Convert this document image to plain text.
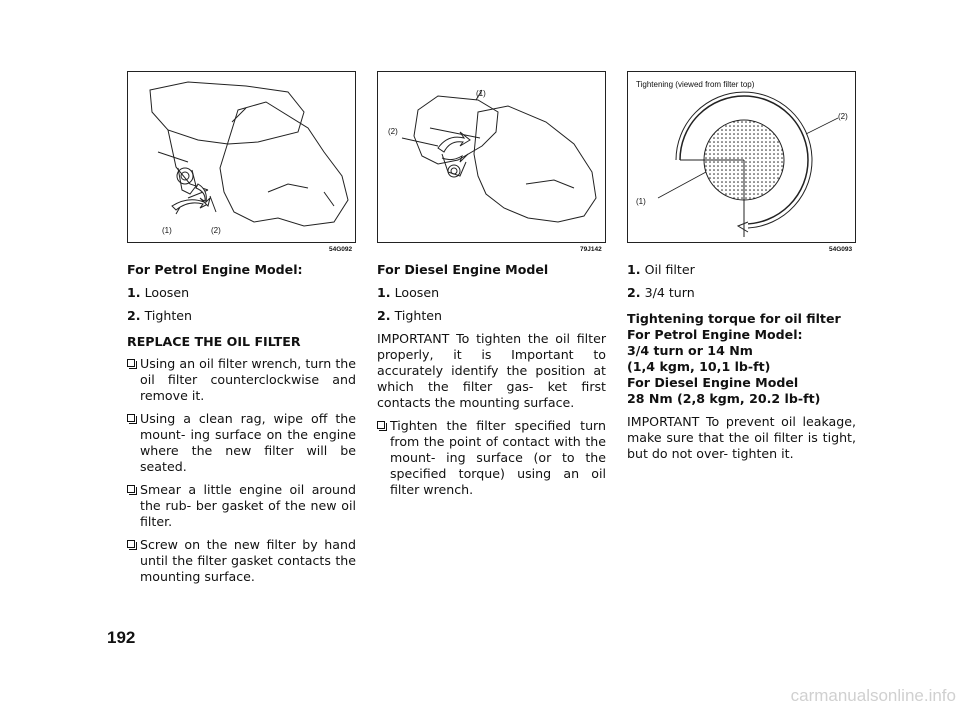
(1)	(2)
54G092
(1)
(2)
79J142
Tightening (viewed from filter top)
(2)
(1)
54G093

For Petrol Engine Model:

1. Loosen

2. Tighten

REPLACE THE OIL FILTER

Using an oil filter wrench, turn the oil filter counterclockwise and remove it.
Using a clean rag, wipe off the mount- ing surface on the engine where the new filter will be seated.
Smear a little engine oil around the rub- ber gasket of the new oil filter.
Screw on the new filter by hand until the filter gasket contacts the mounting surface.

For Diesel Engine Model

1. Loosen

2. Tighten

IMPORTANT To tighten the oil filter properly, it is Important to accurately identify the position at which the filter gas- ket first contacts the mounting surface.

Tighten the filter specified turn from the point of contact with the mount- ing surface (or to the specified torque) using an oil filter wrench.

1. Oil filter

2. 3/4 turn

Tightening torque for oil filter

For Petrol Engine Model:

3/4 turn or 14 Nm

(1,4 kgm, 10,1 lb-ft)

For Diesel Engine Model

28 Nm (2,8 kgm, 20.2 lb-ft)

IMPORTANT To prevent oil leakage, make sure that the oil filter is tight, but do not over- tighten it.

192
carmanualsonline.info
